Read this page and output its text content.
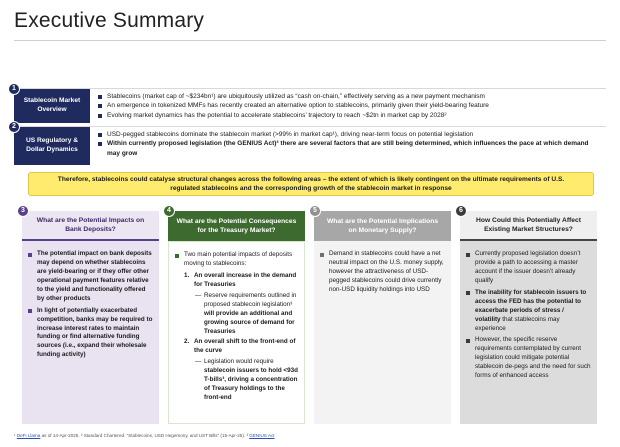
Executive Summary
1
Stablecoin Market Overview
Stablecoins (market cap of ~$234bn¹) are ubiquitously utilized as “cash on-chain,” effectively serving as a new payment mechanism
An emergence in tokenized MMFs has recently created an alternative option to stablecoins, primarily given their yield-bearing feature
Evolving market dynamics has the potential to accelerate stablecoins’ trajectory to reach ~$2tn in market cap by 2028²
2
US Regulatory & Dollar Dynamics
USD-pegged stablecoins dominate the stablecoin market (>99% in market cap¹), driving near-term focus on potential legislation
Within currently proposed legislation (the GENIUS Act)³ there are several factors that are still being determined, which influences the pace at which demand may grow
Therefore, stablecoins could catalyse structural changes across the following areas – the extent of which is likely contingent on the ultimate requirements of U.S. regulated stablecoins and the corresponding growth of the stablecoin market in response
3
What are the Potential Impacts on Bank Deposits?
The potential impact on bank deposits may depend on whether stablecoins are yield-bearing or if they offer other operational payment features relative to the yield and functionality offered by other products
In light of potentially exacerbated competition, banks may be required to increase interest rates to maintain funding or find alternative funding sources (i.e., expand their wholesale funding activity)
4
What are the Potential Consequences for the Treasury Market?
Two main potential impacts of deposits moving to stablecoins:
1. An overall increase in the demand for Treasuries
— Reserve requirements outlined in proposed stablecoin legislation³ will provide an additional and growing source of demand for Treasuries
2. An overall shift to the front-end of the curve
— Legislation would require stablecoin issuers to hold <93d T-bills³, driving a concentration of Treasury holdings to the front-end
5
What are the Potential Implications on Monetary Supply?
Demand in stablecoins could have a net neutral impact on the U.S. money supply, however the attractiveness of USD-pegged stablecoins could drive currently non-USD liquidity holdings into USD
6
How Could this Potentially Affect Existing Market Structures?
Currently proposed legislation doesn’t provide a path to accessing a master account if the issuer doesn’t already qualify
The inability for stablecoin issuers to access the FED has the potential to exacerbate periods of stress / volatility that stablecoins may experience
However, the specific reserve requirements contemplated by current legislation could mitigate potential stablecoin de-pegs and the need for such forms of enhanced access
¹ DeFi Llama as of 14-Apr-2025. ² Standard Chartered. “Stablecoins, USD Hegemony, and UST Bills” (15-Apr-25). ³ GENIUS Act
